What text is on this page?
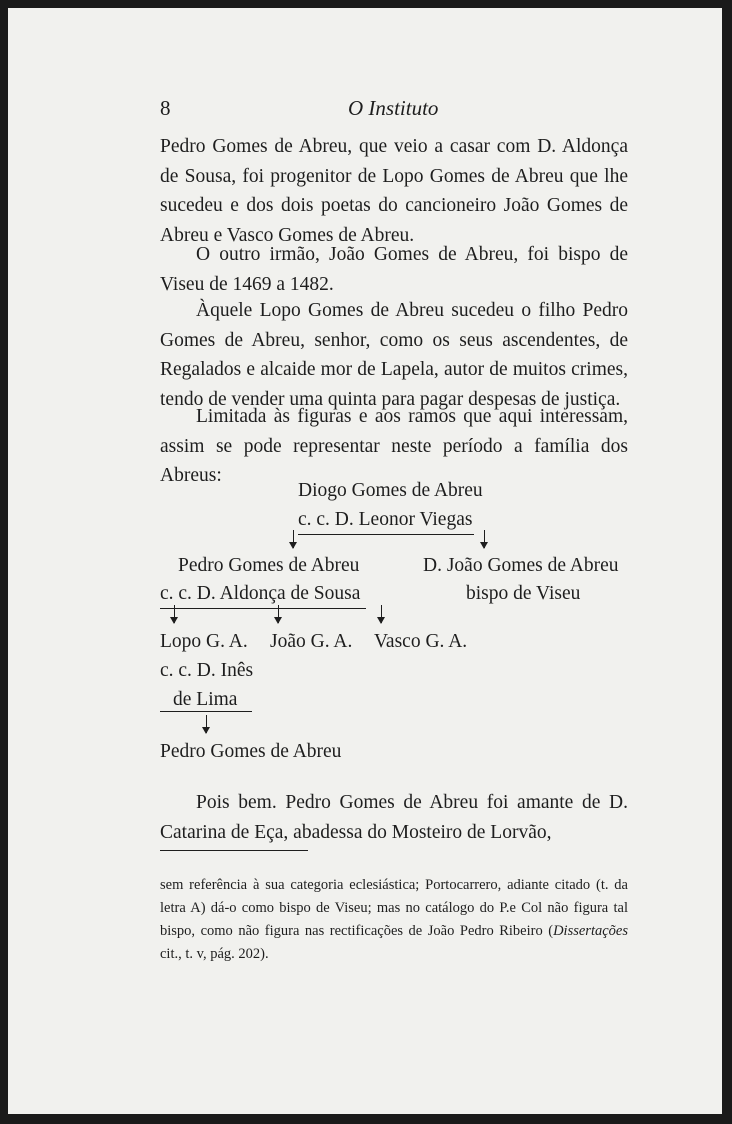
8	O Instituto

Pedro Gomes de Abreu, que veio a casar com D. Aldonça de Sousa, foi progenitor de Lopo Gomes de Abreu que lhe sucedeu e dos dois poetas do cancioneiro João Gomes de Abreu e Vasco Gomes de Abreu.

O outro irmão, João Gomes de Abreu, foi bispo de Viseu de 1469 a 1482.

Àquele Lopo Gomes de Abreu sucedeu o filho Pedro Gomes de Abreu, senhor, como os seus ascendentes, de Regalados e alcaide mor de Lapela, autor de muitos crimes, tendo de vender uma quinta para pagar despesas de justiça.

Limitada às figuras e aos ramos que aqui interessam, assim se pode representar neste período a família dos Abreus:

Diogo Gomes de Abreu
c. c. D. Leonor Viegas
Pedro Gomes de Abreu
c. c. D. Aldonça de Sousa
D. João Gomes de Abreu
bispo de Viseu
Lopo G. A. João G. A. Vasco G. A.
c. c. D. Inês
de Lima
Pedro Gomes de Abreu

Pois bem. Pedro Gomes de Abreu foi amante de D. Catarina de Eça, abadessa do Mosteiro de Lorvão,

sem referência à sua categoria eclesiástica; Portocarrero, adiante citado (t. da letra A) dá-o como bispo de Viseu; mas no catálogo do P.e Col não figura tal bispo, como não figura nas rectificações de João Pedro Ribeiro (Dissertações cit., t. v, pág. 202).
